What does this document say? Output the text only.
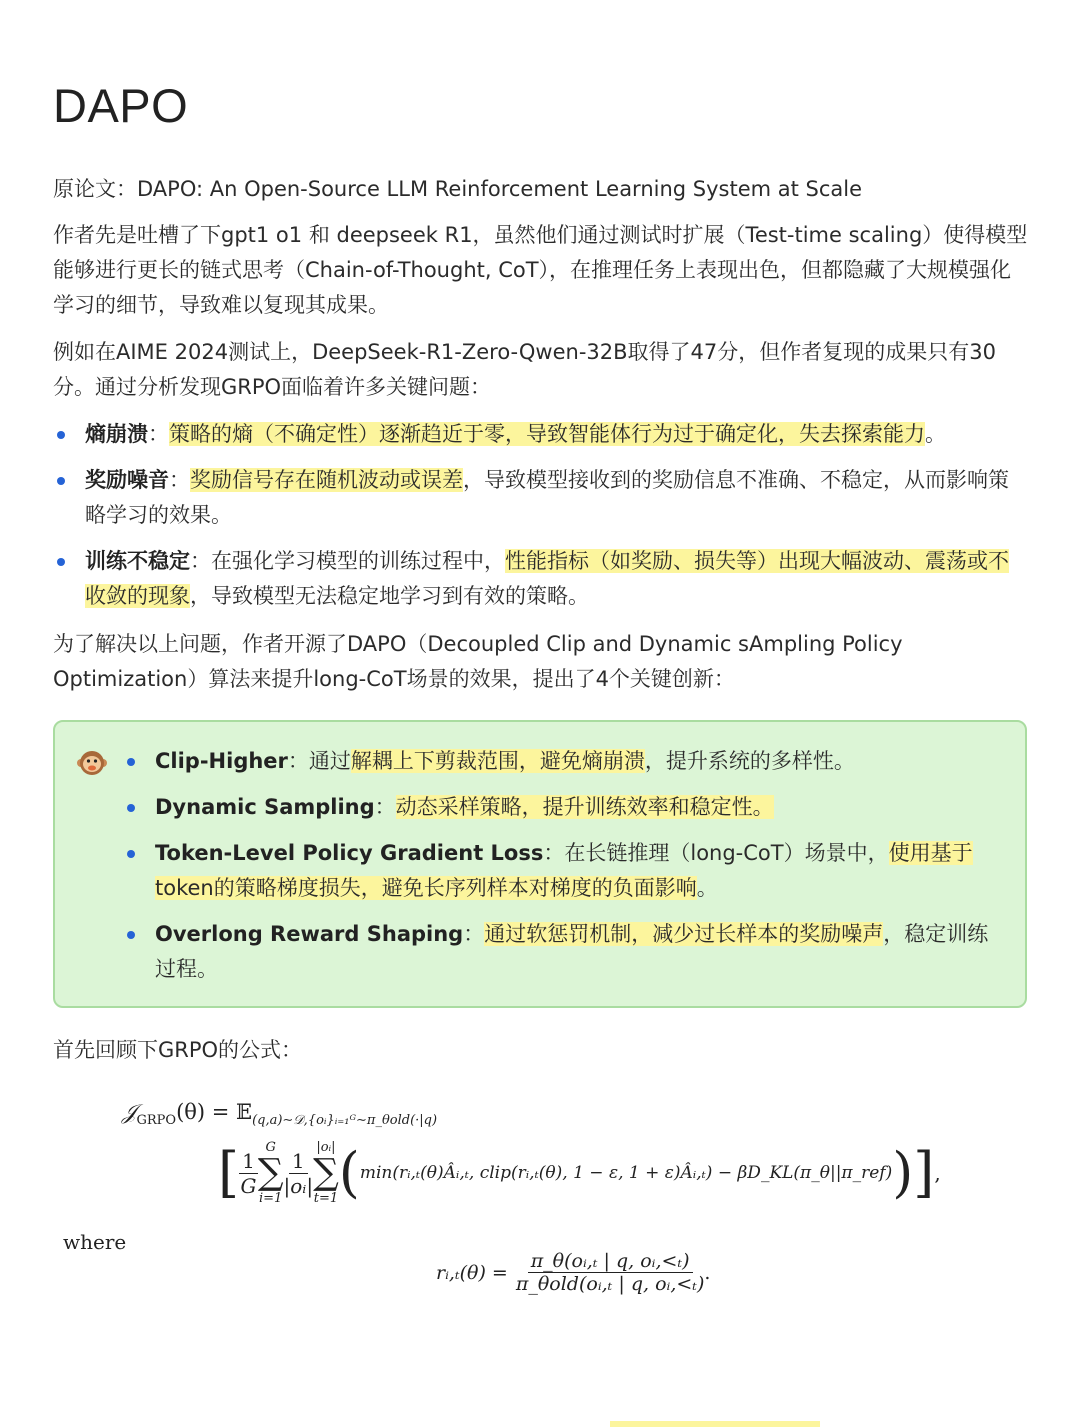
DAPO

原论文：DAPO: An Open-Source LLM Reinforcement Learning System at Scale

作者先是吐槽了下gpt1 o1 和 deepseek R1，虽然他们通过测试时扩展（Test-time scaling）使得模型能够进行更长的链式思考（Chain-of-Thought, CoT），在推理任务上表现出色，但都隐藏了大规模强化学习的细节，导致难以复现其成果。

例如在AIME 2024测试上，DeepSeek-R1-Zero-Qwen-32B取得了47分，但作者复现的成果只有30分。通过分析发现GRPO面临着许多关键问题：

熵崩溃：策略的熵（不确定性）逐渐趋近于零，导致智能体行为过于确定化，失去探索能力。
奖励噪音：奖励信号存在随机波动或误差，导致模型接收到的奖励信息不准确、不稳定，从而影响策略学习的效果。
训练不稳定：在强化学习模型的训练过程中，性能指标（如奖励、损失等）出现大幅波动、震荡或不收敛的现象，导致模型无法稳定地学习到有效的策略。

为了解决以上问题，作者开源了DAPO（Decoupled Clip and Dynamic sAmpling Policy Optimization）算法来提升long-CoT场景的效果，提出了4个关键创新：

Clip-Higher：通过解耦上下剪裁范围，避免熵崩溃，提升系统的多样性。
Dynamic Sampling：动态采样策略，提升训练效率和稳定性。
Token-Level Policy Gradient Loss：在长链推理（long-CoT）场景中，使用基于token的策略梯度损失，避免长序列样本对梯度的负面影响。
Overlong Reward Shaping：通过软惩罚机制，减少过长样本的奖励噪声，稳定训练过程。

首先回顾下GRPO的公式：

𝒥$_{GRPO}$(θ) = 𝔼$_{(q,a)\sim 𝒟,\{oᵢ\}ᵢ_{=1}ᴳ\sim\pi\_\theta old(\cdot|q)}$
[ $\frac{1}{G}$
G
∑
i=1
$\frac{1}{\text{|oᵢ|}}$
|oᵢ|
∑
t=1 ( min(rᵢ,ₜ(θ)Âᵢ,ₜ, clip(rᵢ,ₜ(θ), 1 − ε, 1 + ε)Âᵢ,ₜ) − βD_KL(π_θ||π_ref) ) ] ,
where
rᵢ,ₜ(θ) = $\frac{\text{π\_θ(oᵢ,ₜ | q, oᵢ,<ₜ)}}{\text{π\_θold(oᵢ,ₜ | q, oᵢ,<ₜ)}}$ .
